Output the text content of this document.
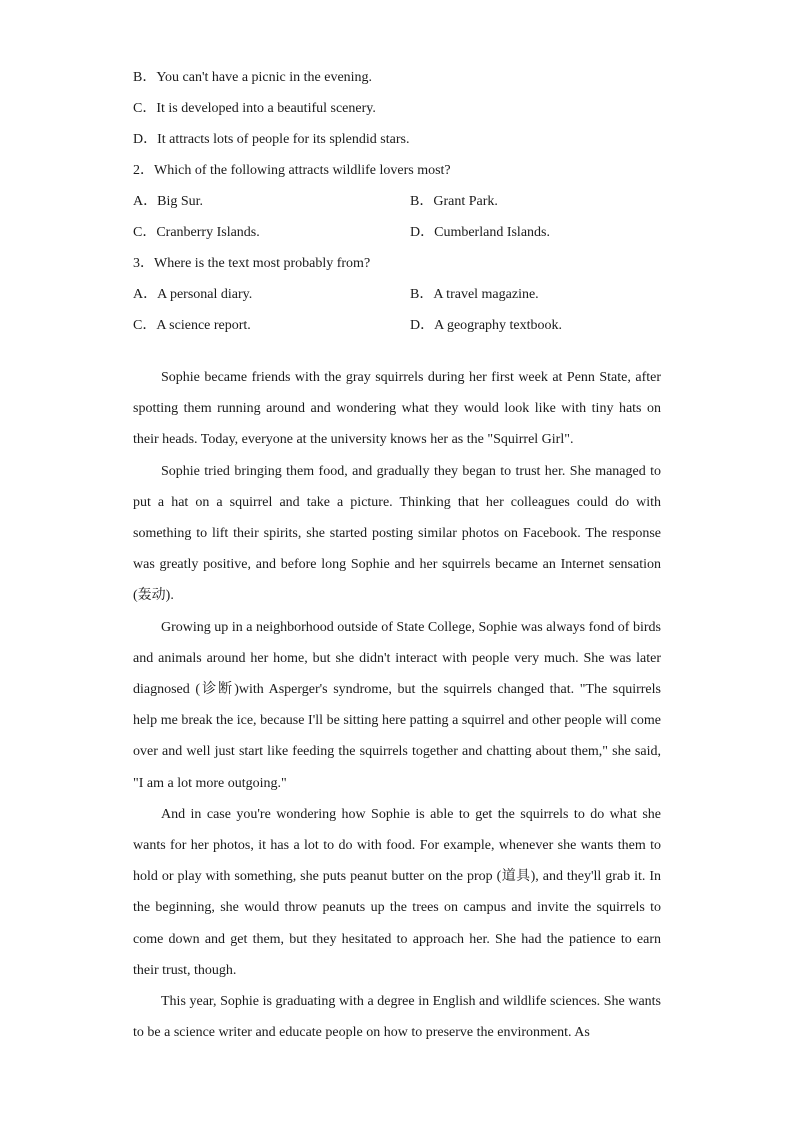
B．You can't have a picnic in the evening.
C．It is developed into a beautiful scenery.
D．It attracts lots of people for its splendid stars.
2．Which of the following attracts wildlife lovers most?
A．Big Sur.	B．Grant Park.
C．Cranberry Islands.	D．Cumberland Islands.
3．Where is the text most probably from?
A．A personal diary.	B．A travel magazine.
C．A science report.	D．A geography textbook.

Sophie became friends with the gray squirrels during her first week at Penn State, after spotting them running around and wondering what they would look like with tiny hats on their heads. Today, everyone at the university knows her as the "Squirrel Girl".

Sophie tried bringing them food, and gradually they began to trust her. She managed to put a hat on a squirrel and take a picture. Thinking that her colleagues could do with something to lift their spirits, she started posting similar photos on Facebook. The response was greatly positive, and before long Sophie and her squirrels became an Internet sensation (轰动).

Growing up in a neighborhood outside of State College, Sophie was always fond of birds and animals around her home, but she didn't interact with people very much. She was later diagnosed (诊断)with Asperger's syndrome, but the squirrels changed that. "The squirrels help me break the ice, because I'll be sitting here patting a squirrel and other people will come over and well just start like feeding the squirrels together and chatting about them," she said, "I am a lot more outgoing."

And in case you're wondering how Sophie is able to get the squirrels to do what she wants for her photos, it has a lot to do with food. For example, whenever she wants them to hold or play with something, she puts peanut butter on the prop (道具), and they'll grab it. In the beginning, she would throw peanuts up the trees on campus and invite the squirrels to come down and get them, but they hesitated to approach her. She had the patience to earn their trust, though.

This year, Sophie is graduating with a degree in English and wildlife sciences. She wants to be a science writer and educate people on how to preserve the environment. As
